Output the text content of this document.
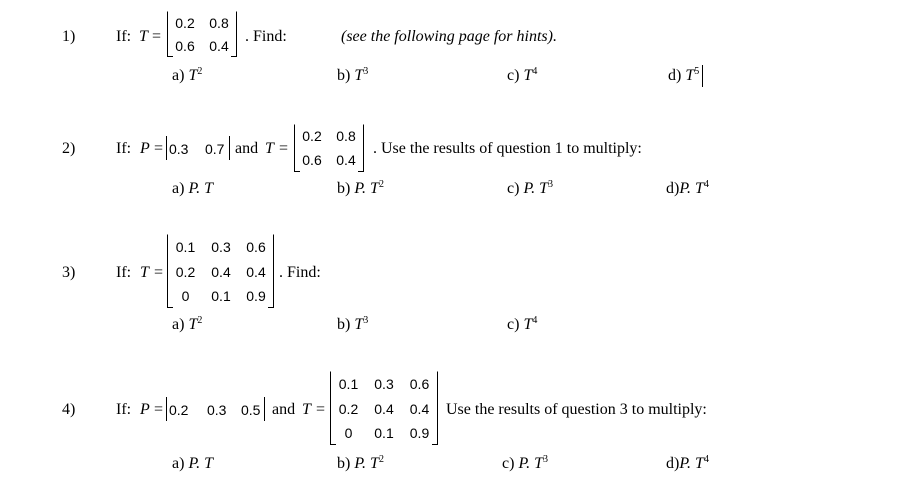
1)	If: T =
0.2	0.8
0.6	0.4
. Find:	(see the following page for hints).
a) $T^2$	b) $T^3$	c) $T^4$	d) $T^5$
2)	If: P = 0.3 0.7 and T =
0.2	0.8
0.6	0.4
. Use the results of question 1 to multiply:
a) P. T	b) P. $T^2$	c) P. $T^3$	d)P. $T^4$
3)	If: T =
0.1	0.3	0.6
0.2	0.4	0.4
0	0.1	0.9
. Find:
a) $T^2$	b) $T^3$	c) $T^4$
4)	If: P = 0.2 0.3 0.5 and T =
0.1	0.3	0.6
0.2	0.4	0.4
0	0.1	0.9
Use the results of question 3 to multiply:
a) P. T	b) P. $T^2$	c) P. $T^3$	d)P. $T^4$
